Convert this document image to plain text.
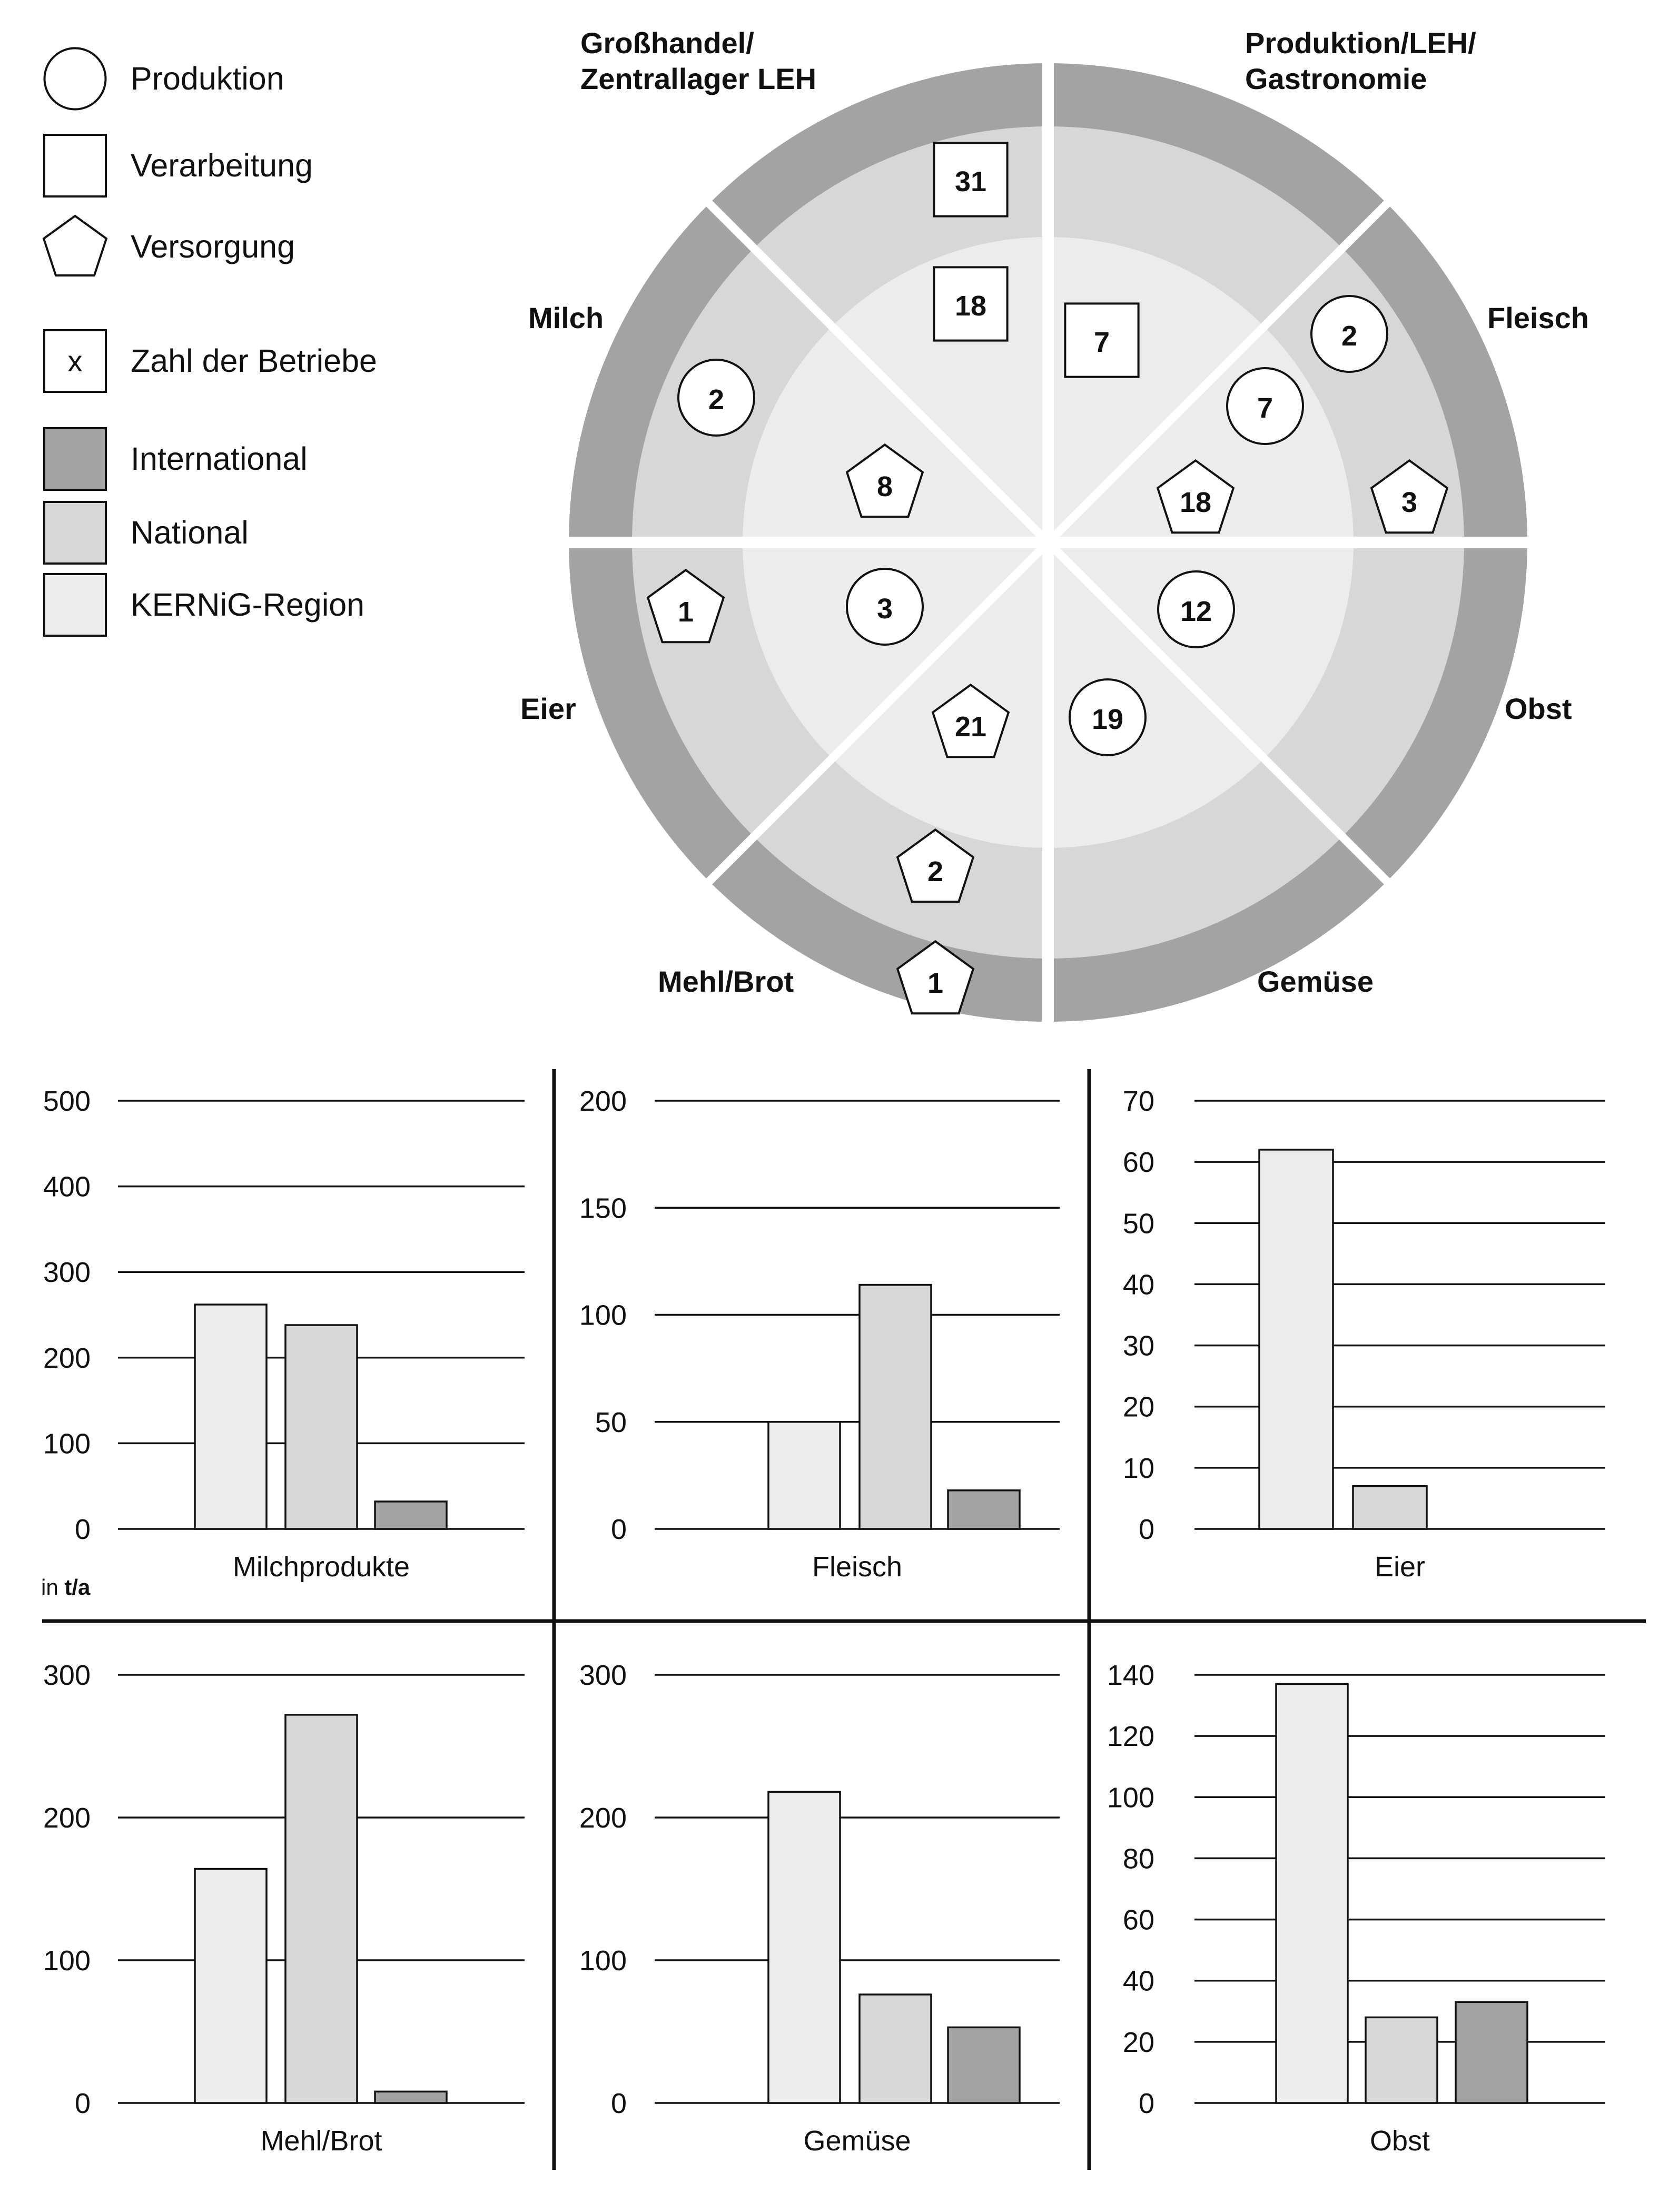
Produktion
Verarbeitung
Versorgung
x Zahl der Betriebe
International
National
KERNiG-Region
31
18
7	2
7
18	3
2
8
1	3	12
21	19
2
1
Großhandel/
Zentrallager LEH
Produktion/LEH/
Gastronomie
Milch	Fleisch
Eier	Obst
Mehl/Brot	Gemüse
0
100
200
300
400
500
Milchprodukte
in t/a
0
50
100
150
200
Fleisch
0
10
20
30
40
50
60
70
Eier
0
100
200
300
Mehl/Brot
0
100
200
300
Gemüse
0
20
40
60
80
100
120
140
Obst
